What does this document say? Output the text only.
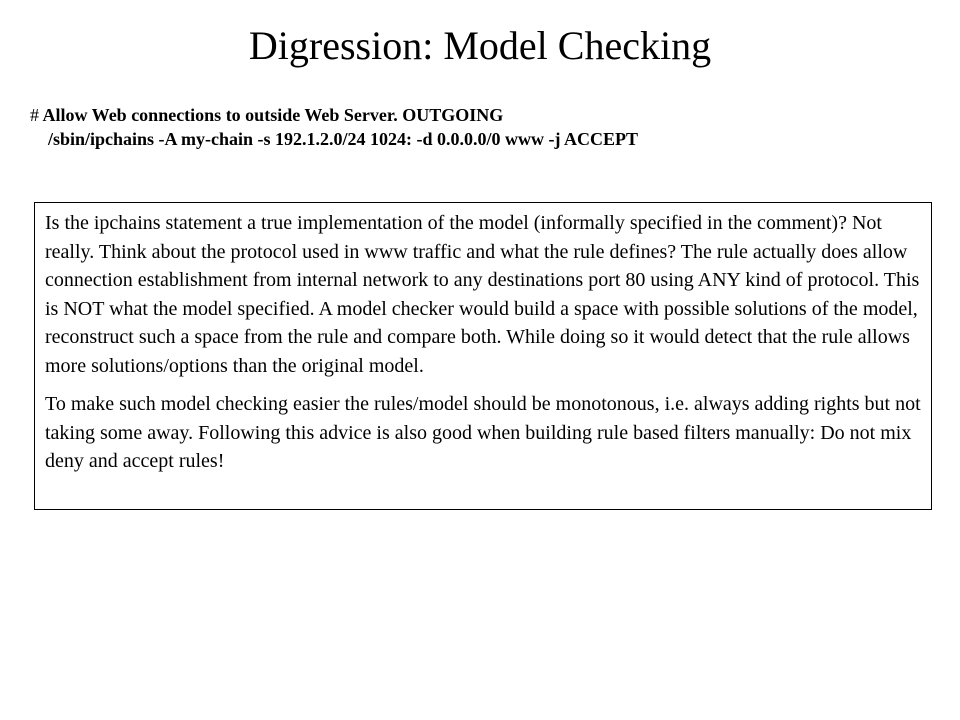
Digression: Model Checking
# Allow Web connections to outside Web Server. OUTGOING
/sbin/ipchains -A my-chain -s 192.1.2.0/24 1024: -d 0.0.0.0/0 www -j ACCEPT

Is the ipchains statement a true implementation of the model (informally specified in the comment)? Not really. Think about the protocol used in www traffic and what the rule defines? The rule actually does allow connection establishment from internal network to any destinations port 80 using ANY kind of protocol. This is NOT what the model specified. A model checker would build a space with possible solutions of the model, reconstruct such a space from the rule and compare both. While doing so it would detect that the rule allows more solutions/options than the original model.

To make such model checking easier the rules/model should be monotonous, i.e. always adding rights but not taking some away. Following this advice is also good when building rule based filters manually: Do not mix deny and accept rules!
